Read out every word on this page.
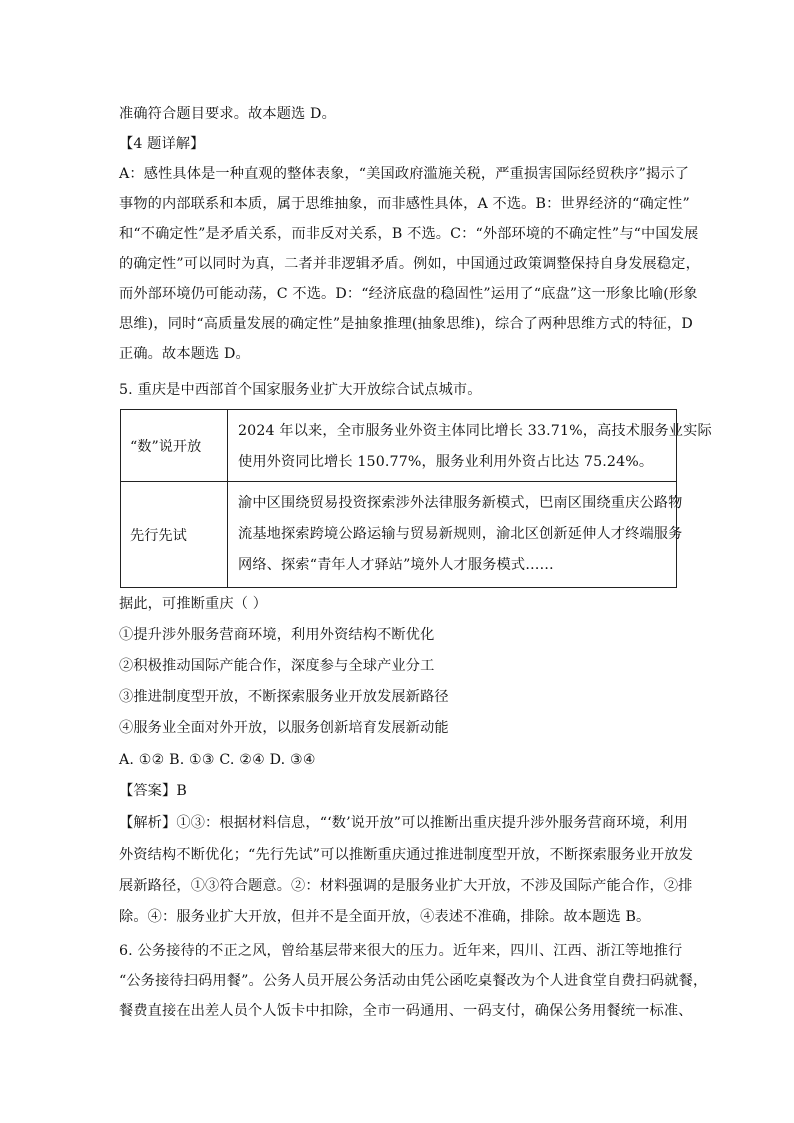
准确符合题目要求。故本题选 D。
【4 题详解】
A：感性具体是一种直观的整体表象，“美国政府滥施关税，严重损害国际经贸秩序”揭示了
事物的内部联系和本质，属于思维抽象，而非感性具体，A 不选。B：世界经济的“确定性”
和“不确定性”是矛盾关系，而非反对关系，B 不选。C：“外部环境的不确定性”与“中国发展
的确定性”可以同时为真，二者并非逻辑矛盾。例如，中国通过政策调整保持自身发展稳定，
而外部环境仍可能动荡，C 不选。D：“经济底盘的稳固性”运用了“底盘”这一形象比喻(形象
思维)，同时“高质量发展的确定性”是抽象推理(抽象思维)，综合了两种思维方式的特征，D
正确。故本题选 D。
5. 重庆是中西部首个国家服务业扩大开放综合试点城市。
“数”说开放
2024 年以来，全市服务业外资主体同比增长 33.71%，高技术服务业实际
使用外资同比增长 150.77%，服务业利用外资占比达 75.24%。
先行先试
渝中区围绕贸易投资探索涉外法律服务新模式，巴南区围绕重庆公路物
流基地探索跨境公路运输与贸易新规则，渝北区创新延伸人才终端服务
网络、探索“青年人才驿站”境外人才服务模式……
据此，可推断重庆（ ）
①提升涉外服务营商环境，利用外资结构不断优化
②积极推动国际产能合作，深度参与全球产业分工
③推进制度型开放，不断探索服务业开放发展新路径
④服务业全面对外开放，以服务创新培育发展新动能
A. ①② B. ①③ C. ②④ D. ③④
【答案】B
【解析】①③：根据材料信息，“‘数’说开放”可以推断出重庆提升涉外服务营商环境，利用
外资结构不断优化；“先行先试”可以推断重庆通过推进制度型开放，不断探索服务业开放发
展新路径，①③符合题意。②：材料强调的是服务业扩大开放，不涉及国际产能合作，②排
除。④：服务业扩大开放，但并不是全面开放，④表述不准确，排除。故本题选 B。
6. 公务接待的不正之风，曾给基层带来很大的压力。近年来，四川、江西、浙江等地推行
“公务接待扫码用餐”。公务人员开展公务活动由凭公函吃桌餐改为个人进食堂自费扫码就餐，
餐费直接在出差人员个人饭卡中扣除，全市一码通用、一码支付，确保公务用餐统一标准、
